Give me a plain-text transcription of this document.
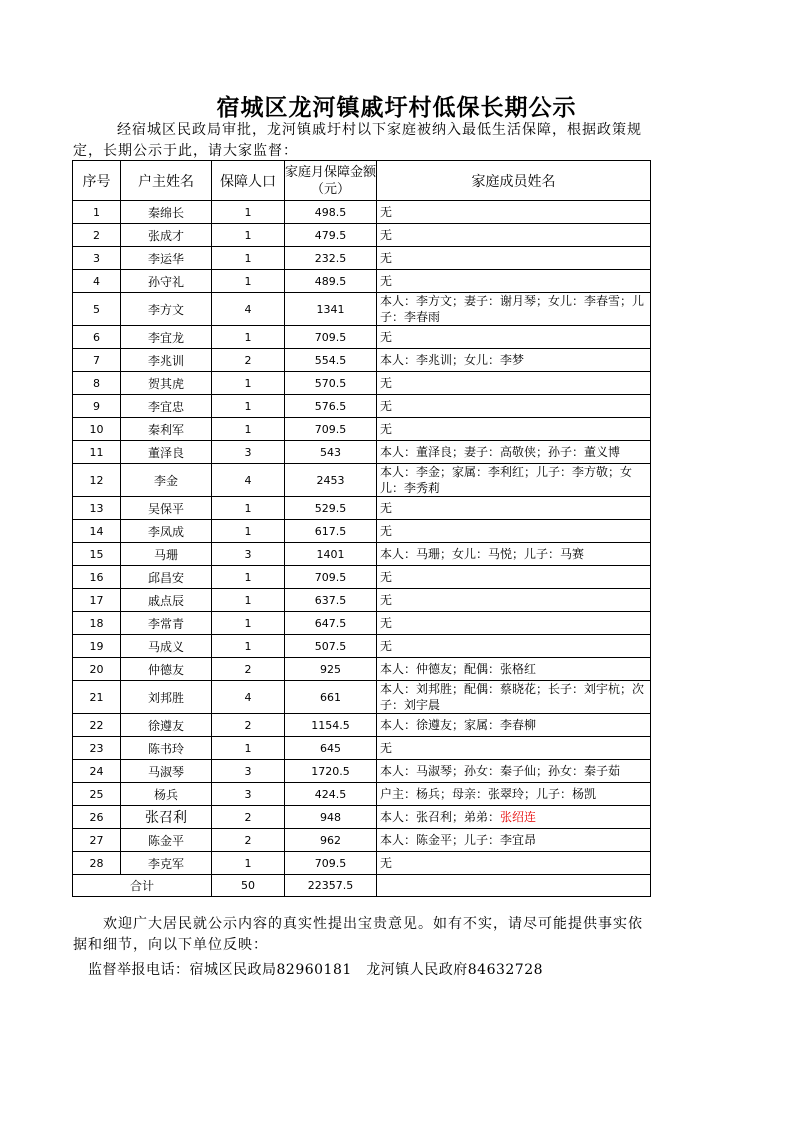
宿城区龙河镇戚圩村低保长期公示
经宿城区民政局审批，龙河镇戚圩村以下家庭被纳入最低生活保障，根据政策规定，长期公示于此，请大家监督：
序号	户主姓名	保障人口	家庭月保障金额（元）	家庭成员姓名
1	秦绵长	1	498.5	无
2	张成才	1	479.5	无
3	李运华	1	232.5	无
4	孙守礼	1	489.5	无
5	李方文	4	1341	本人：李方文；妻子：谢月琴；女儿：李春雪；儿子：李春雨
6	李宜龙	1	709.5	无
7	李兆训	2	554.5	本人：李兆训；女儿：李梦
8	贺其虎	1	570.5	无
9	李宜忠	1	576.5	无
10	秦利军	1	709.5	无
11	董泽良	3	543	本人：董泽良；妻子：高敬侠；孙子：董义博
12	李金	4	2453	本人：李金；家属：李利红；儿子：李方敬；女儿：李秀莉
13	吴保平	1	529.5	无
14	李凤成	1	617.5	无
15	马珊	3	1401	本人：马珊；女儿：马悦；儿子：马赛
16	邱昌安	1	709.5	无
17	戚点辰	1	637.5	无
18	李常青	1	647.5	无
19	马成义	1	507.5	无
20	仲德友	2	925	本人：仲德友；配偶：张格红
21	刘邦胜	4	661	本人：刘邦胜；配偶：蔡晓花；长子：刘宇杭；次子：刘宇晨
22	徐遵友	2	1154.5	本人：徐遵友；家属：李春柳
23	陈书玲	1	645	无
24	马淑琴	3	1720.5	本人：马淑琴；孙女：秦子仙；孙女：秦子茹
25	杨兵	3	424.5	户主：杨兵；母亲：张翠玲；儿子：杨凯
26	张召利	2	948	本人：张召利；弟弟：张绍连
27	陈金平	2	962	本人：陈金平；儿子：李宜昂
28	李克军	1	709.5	无
合计		50	22357.5	
欢迎广大居民就公示内容的真实性提出宝贵意见。如有不实，请尽可能提供事实依据和细节，向以下单位反映：
监督举报电话：宿城区民政局82960181　龙河镇人民政府84632728
